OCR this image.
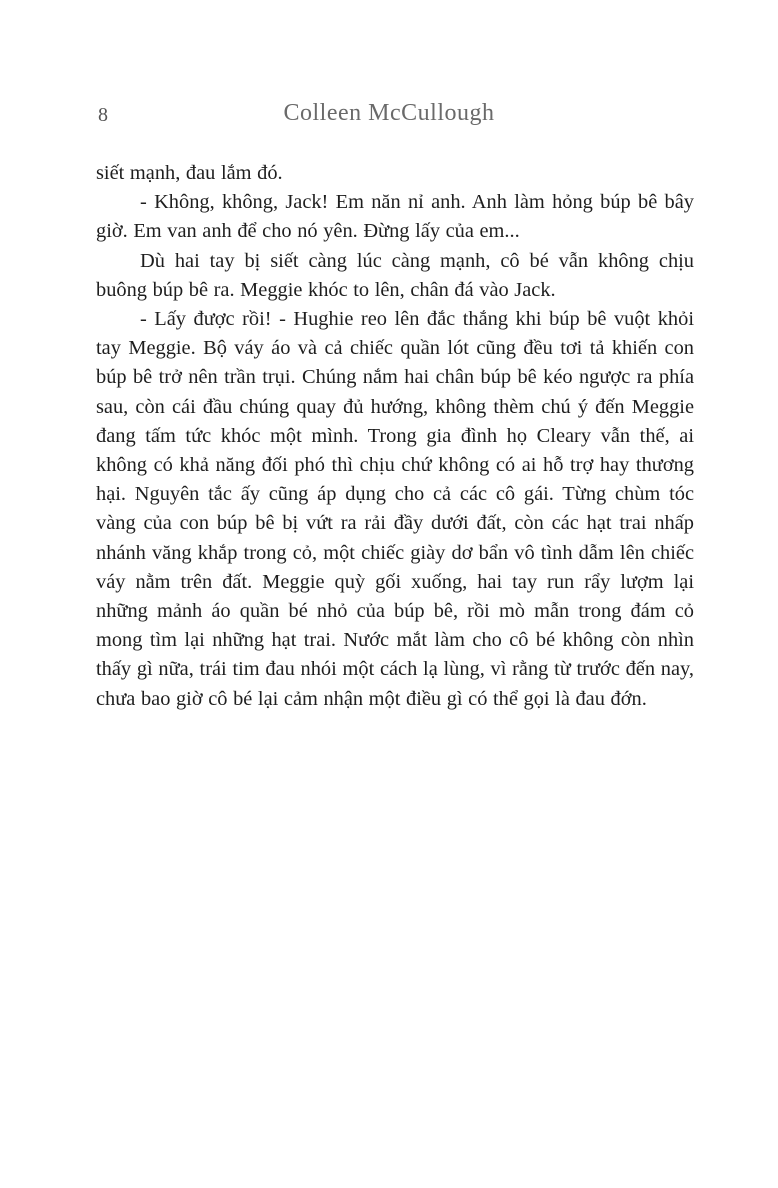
8	Colleen McCullough

siết mạnh, đau lắm đó.

- Không, không, Jack! Em năn nỉ anh. Anh làm hỏng búp bê bây giờ. Em van anh để cho nó yên. Đừng lấy của em...

Dù hai tay bị siết càng lúc càng mạnh, cô bé vẫn không chịu buông búp bê ra. Meggie khóc to lên, chân đá vào Jack.

- Lấy được rồi! - Hughie reo lên đắc thắng khi búp bê vuột khỏi tay Meggie. Bộ váy áo và cả chiếc quần lót cũng đều tơi tả khiến con búp bê trở nên trần trụi. Chúng nắm hai chân búp bê kéo ngược ra phía sau, còn cái đầu chúng quay đủ hướng, không thèm chú ý đến Meggie đang tấm tức khóc một mình. Trong gia đình họ Cleary vẫn thế, ai không có khả năng đối phó thì chịu chứ không có ai hỗ trợ hay thương hại. Nguyên tắc ấy cũng áp dụng cho cả các cô gái. Từng chùm tóc vàng của con búp bê bị vứt ra rải đầy dưới đất, còn các hạt trai nhấp nhánh văng khắp trong cỏ, một chiếc giày dơ bẩn vô tình dẫm lên chiếc váy nằm trên đất. Meggie quỳ gối xuống, hai tay run rẩy lượm lại những mảnh áo quần bé nhỏ của búp bê, rồi mò mẫn trong đám cỏ mong tìm lại những hạt trai. Nước mắt làm cho cô bé không còn nhìn thấy gì nữa, trái tim đau nhói một cách lạ lùng, vì rằng từ trước đến nay, chưa bao giờ cô bé lại cảm nhận một điều gì có thể gọi là đau đớn.
